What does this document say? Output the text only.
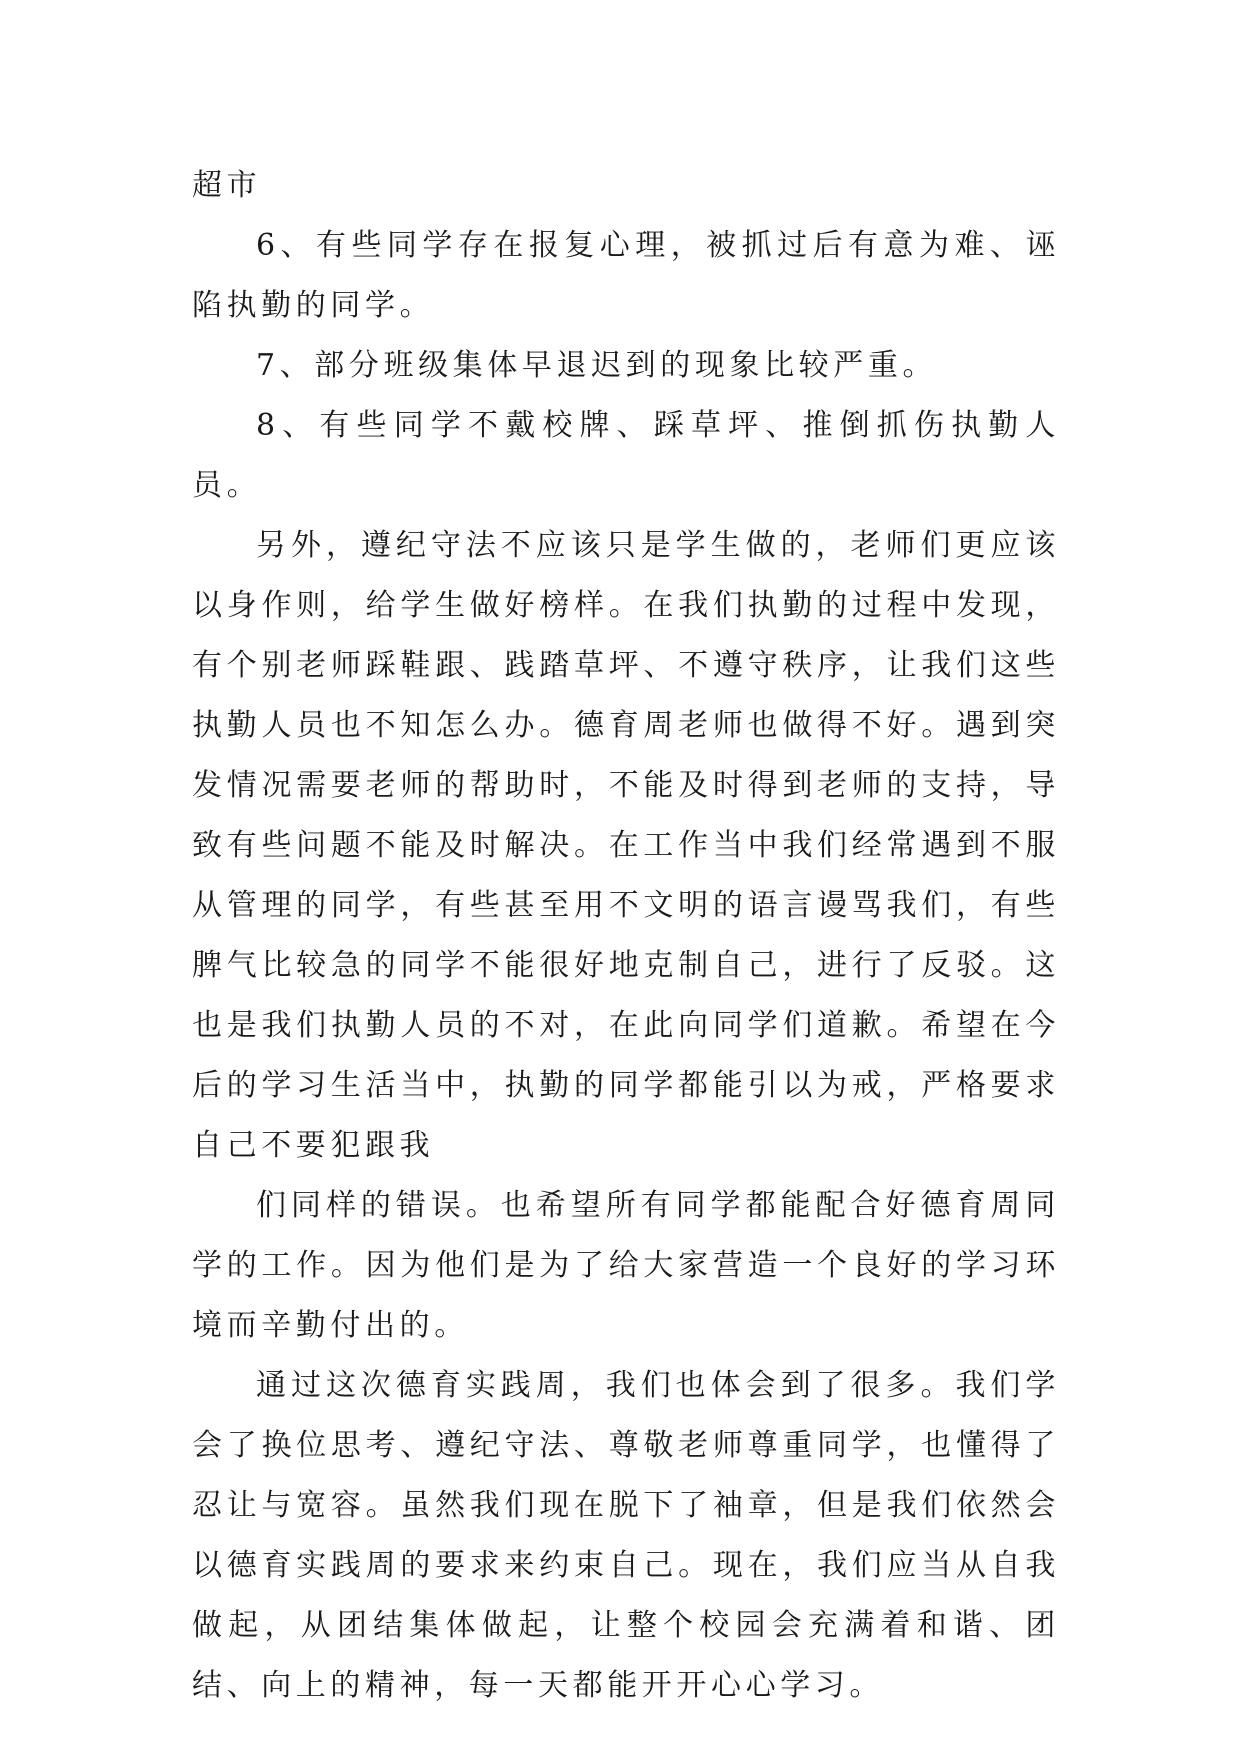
超市

6、有些同学存在报复心理，被抓过后有意为难、诬陷执勤的同学。

7、部分班级集体早退迟到的现象比较严重。

8、有些同学不戴校牌、踩草坪、推倒抓伤执勤人员。

另外，遵纪守法不应该只是学生做的，老师们更应该以身作则，给学生做好榜样。在我们执勤的过程中发现，有个别老师踩鞋跟、践踏草坪、不遵守秩序，让我们这些执勤人员也不知怎么办。德育周老师也做得不好。遇到突发情况需要老师的帮助时，不能及时得到老师的支持，导致有些问题不能及时解决。在工作当中我们经常遇到不服从管理的同学，有些甚至用不文明的语言谩骂我们，有些脾气比较急的同学不能很好地克制自己，进行了反驳。这也是我们执勤人员的不对，在此向同学们道歉。希望在今后的学习生活当中，执勤的同学都能引以为戒，严格要求自己不要犯跟我

们同样的错误。也希望所有同学都能配合好德育周同学的工作。因为他们是为了给大家营造一个良好的学习环境而辛勤付出的。

通过这次德育实践周，我们也体会到了很多。我们学会了换位思考、遵纪守法、尊敬老师尊重同学，也懂得了忍让与宽容。虽然我们现在脱下了袖章，但是我们依然会以德育实践周的要求来约束自己。现在，我们应当从自我做起，从团结集体做起，让整个校园会充满着和谐、团结、向上的精神，每一天都能开开心心学习。
